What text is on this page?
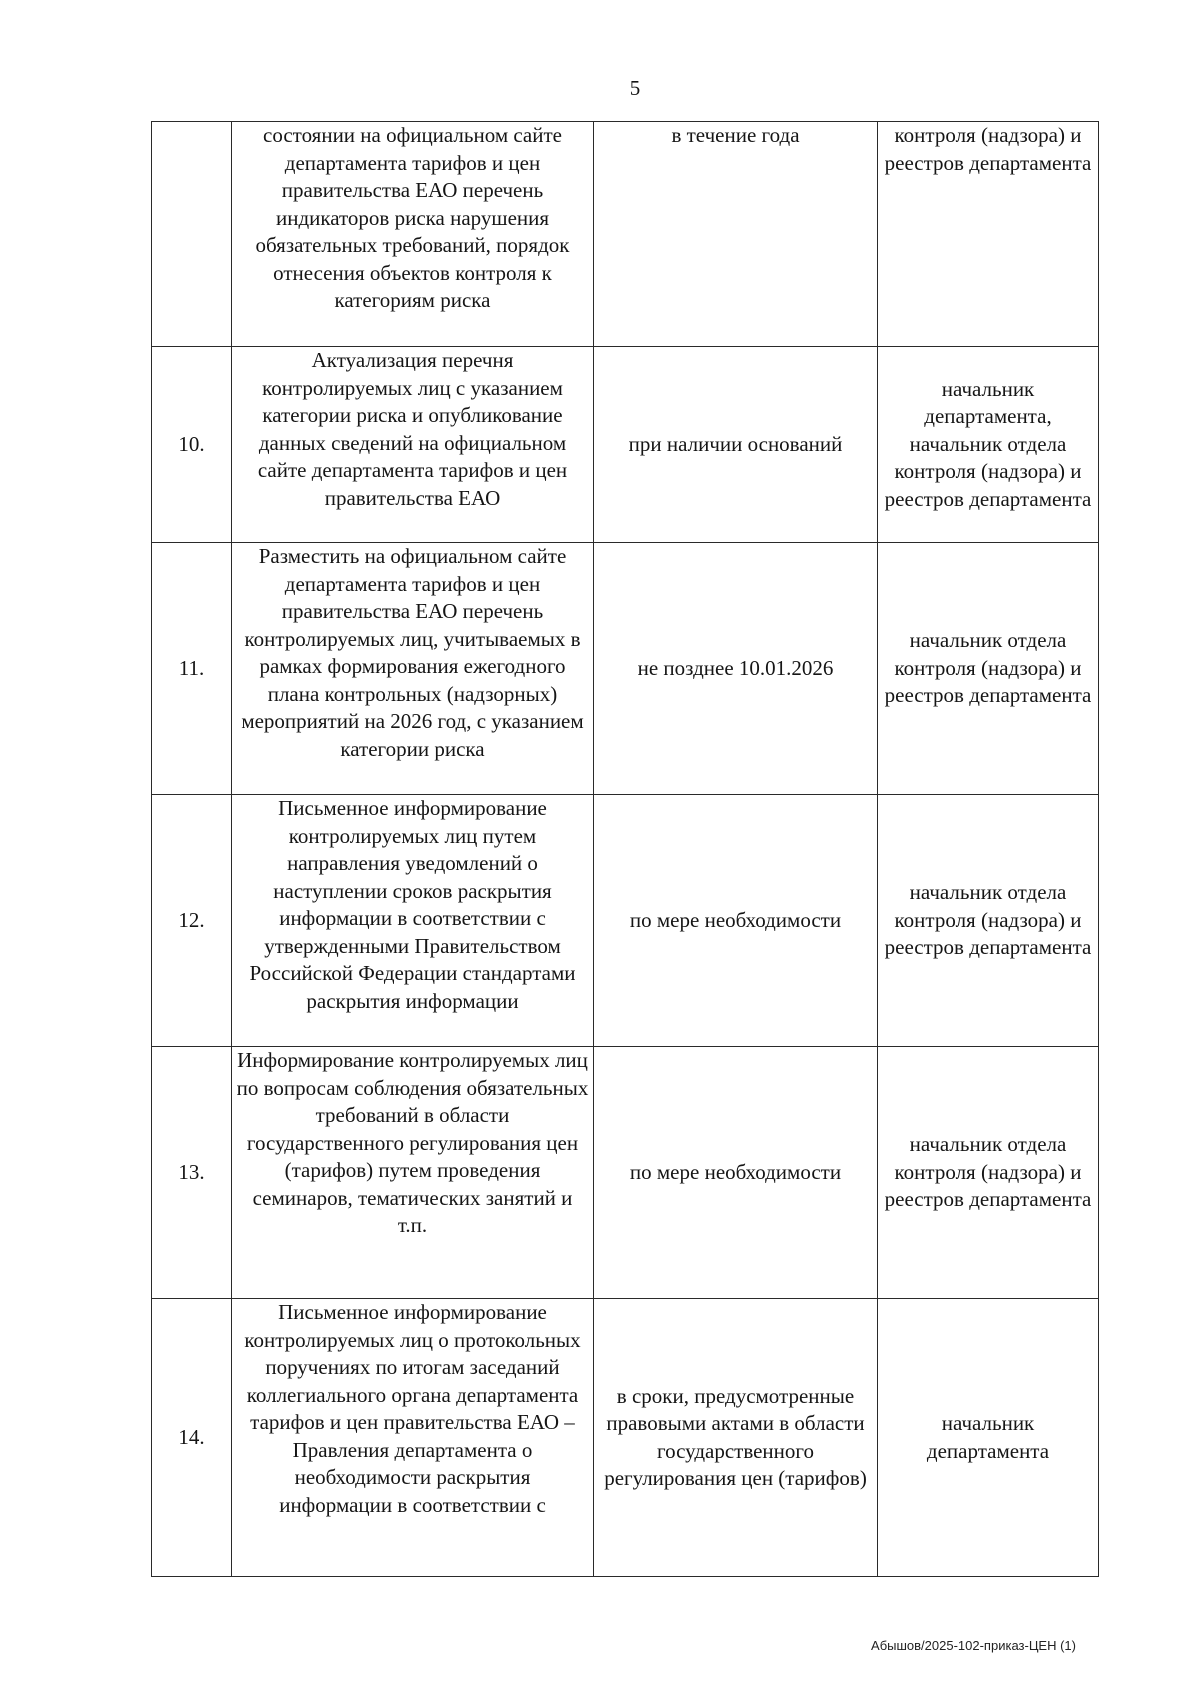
5
	состоянии на официальном сайте департамента тарифов и цен правительства ЕАО перечень индикаторов риска нарушения обязательных требований, порядок отнесения объектов контроля к категориям риска	в течение года	контроля (надзора) и реестров департамента
10.	Актуализация перечня контролируемых лиц с указанием категории риска и опубликование данных сведений на официальном сайте департамента тарифов и цен правительства ЕАО	при наличии оснований	начальник департамента, начальник отдела контроля (надзора) и реестров департамента
11.	Разместить на официальном сайте департамента тарифов и цен правительства ЕАО перечень контролируемых лиц, учитываемых в рамках формирования ежегодного плана контрольных (надзорных) мероприятий на 2026 год, с указанием категории риска	не позднее 10.01.2026	начальник отдела контроля (надзора) и реестров департамента
12.	Письменное информирование контролируемых лиц путем направления уведомлений о наступлении сроков раскрытия информации в соответствии с утвержденными Правительством Российской Федерации стандартами раскрытия информации	по мере необходимости	начальник отдела контроля (надзора) и реестров департамента
13.	Информирование контролируемых лиц по вопросам соблюдения обязательных требований в области государственного регулирования цен (тарифов) путем проведения семинаров, тематических занятий и т.п.	по мере необходимости	начальник отдела контроля (надзора) и реестров департамента
14.	Письменное информирование контролируемых лиц о протокольных поручениях по итогам заседаний коллегиального органа департамента тарифов и цен правительства ЕАО – Правления департамента о необходимости раскрытия информации в соответствии с	в сроки, предусмотренные правовыми актами в области государственного регулирования цен (тарифов)	начальник департамента
Абышов/2025-102-приказ-ЦЕН (1)
